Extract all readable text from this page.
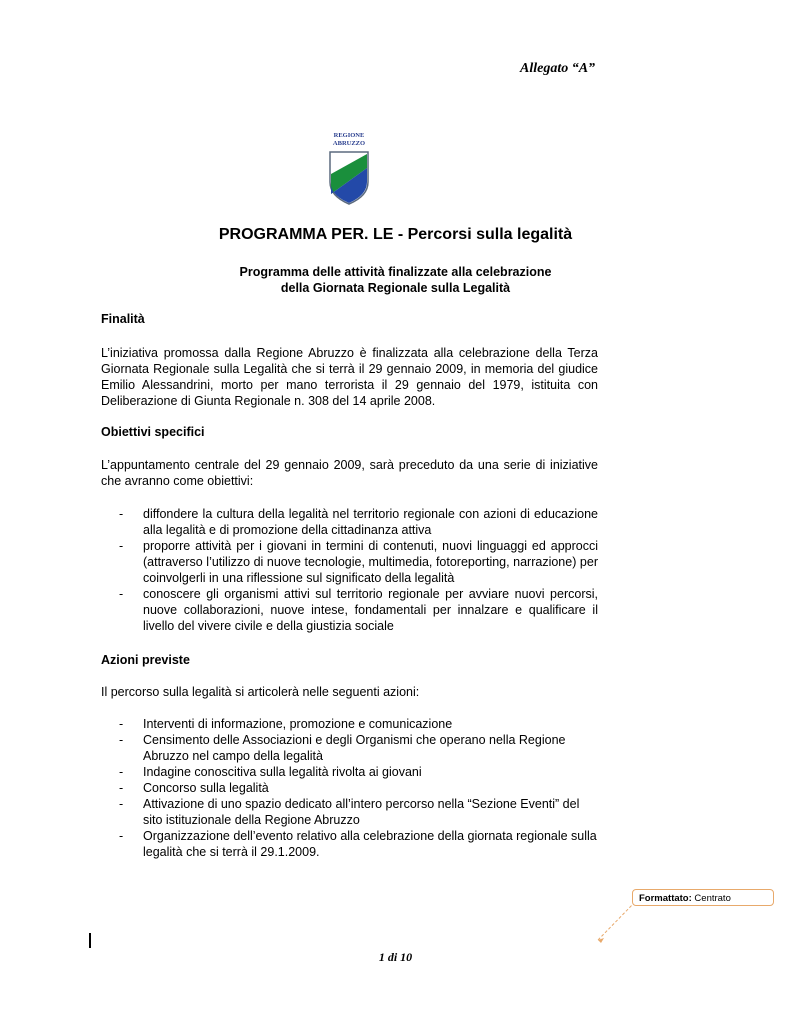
Allegato “A”
REGIONE
ABRUZZO
PROGRAMMA PER. LE - Percorsi sulla legalità
Programma delle attività finalizzate alla celebrazione
della Giornata Regionale sulla Legalità
Finalità

L’iniziativa promossa dalla Regione Abruzzo è finalizzata alla celebrazione della Terza Giornata Regionale sulla Legalità che si terrà il 29 gennaio 2009, in memoria del giudice Emilio Alessandrini, morto per mano terrorista il 29 gennaio del 1979, istituita con Deliberazione di Giunta Regionale n. 308 del 14 aprile 2008.

Obiettivi specifici

L’appuntamento centrale del 29 gennaio 2009, sarà preceduto da una serie di iniziative che avranno come obiettivi:

- diffondere la cultura della legalità nel territorio regionale con azioni di educazione alla legalità e di promozione della cittadinanza attiva
- proporre attività per i giovani in termini di contenuti, nuovi linguaggi ed approcci (attraverso l’utilizzo di nuove tecnologie, multimedia, fotoreporting, narrazione) per coinvolgerli in una riflessione sul significato della legalità
- conoscere gli organismi attivi sul territorio regionale per avviare nuovi percorsi, nuove collaborazioni, nuove intese, fondamentali per innalzare e qualificare il livello del vivere civile e della giustizia sociale
Azioni previste

Il percorso sulla legalità si articolerà nelle seguenti azioni:

- Interventi di informazione, promozione e comunicazione
- Censimento delle Associazioni e degli Organismi che operano nella Regione Abruzzo nel campo della legalità
- Indagine conoscitiva sulla legalità rivolta ai giovani
- Concorso sulla legalità
- Attivazione di uno spazio dedicato all’intero percorso nella “Sezione Eventi” del sito istituzionale della Regione Abruzzo
- Organizzazione dell’evento relativo alla celebrazione della giornata regionale sulla legalità che si terrà il 29.1.2009.
Formattato: Centrato
1 di 10
